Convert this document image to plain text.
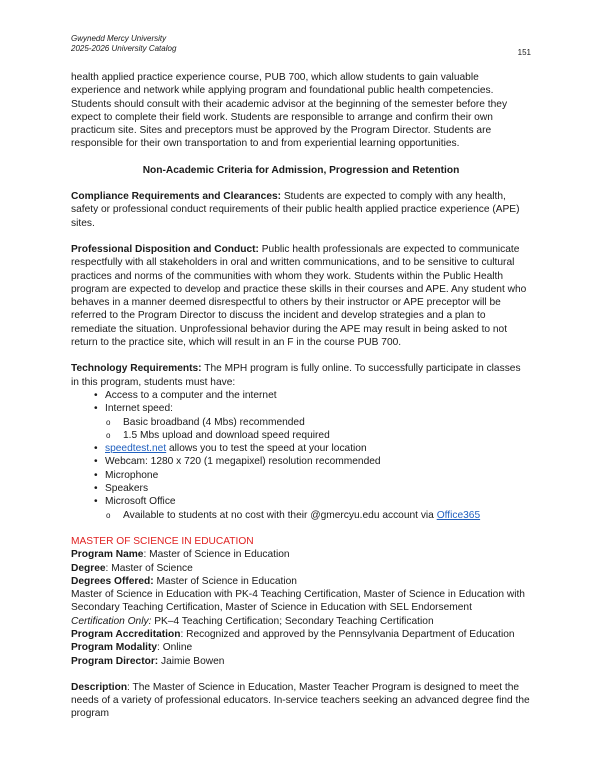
Gwynedd Mercy University
2025-2026 University Catalog	151

health applied practice experience course, PUB 700, which allow students to gain valuable experience and network while applying program and foundational public health competencies. Students should consult with their academic advisor at the beginning of the semester before they expect to complete their field work. Students are responsible to arrange and confirm their own practicum site. Sites and preceptors must be approved by the Program Director. Students are responsible for their own transportation to and from experiential learning opportunities.

Non-Academic Criteria for Admission, Progression and Retention

Compliance Requirements and Clearances: Students are expected to comply with any health, safety or professional conduct requirements of their public health applied practice experience (APE) sites.

Professional Disposition and Conduct: Public health professionals are expected to communicate respectfully with all stakeholders in oral and written communications, and to be sensitive to cultural practices and norms of the communities with whom they work. Students within the Public Health program are expected to develop and practice these skills in their courses and APE. Any student who behaves in a manner deemed disrespectful to others by their instructor or APE preceptor will be referred to the Program Director to discuss the incident and develop strategies and a plan to remediate the situation. Unprofessional behavior during the APE may result in being asked to not return to the practice site, which will result in an F in the course PUB 700.

Technology Requirements: The MPH program is fully online. To successfully participate in classes in this program, students must have:

• Access to a computer and the internet
• Internet speed:
o Basic broadband (4 Mbs) recommended
o 1.5 Mbs upload and download speed required
• speedtest.net allows you to test the speed at your location
• Webcam: 1280 x 720 (1 megapixel) resolution recommended
• Microphone
• Speakers
• Microsoft Office
o Available to students at no cost with their @gmercyu.edu account via Office365
MASTER OF SCIENCE IN EDUCATION
Program Name: Master of Science in Education
Degree: Master of Science
Degrees Offered: Master of Science in Education
Master of Science in Education with PK-4 Teaching Certification, Master of Science in Education with Secondary Teaching Certification, Master of Science in Education with SEL Endorsement
Certification Only: PK–4 Teaching Certification; Secondary Teaching Certification
Program Accreditation: Recognized and approved by the Pennsylvania Department of Education
Program Modality: Online
Program Director: Jaimie Bowen

Description: The Master of Science in Education, Master Teacher Program is designed to meet the needs of a variety of professional educators. In-service teachers seeking an advanced degree find the program
